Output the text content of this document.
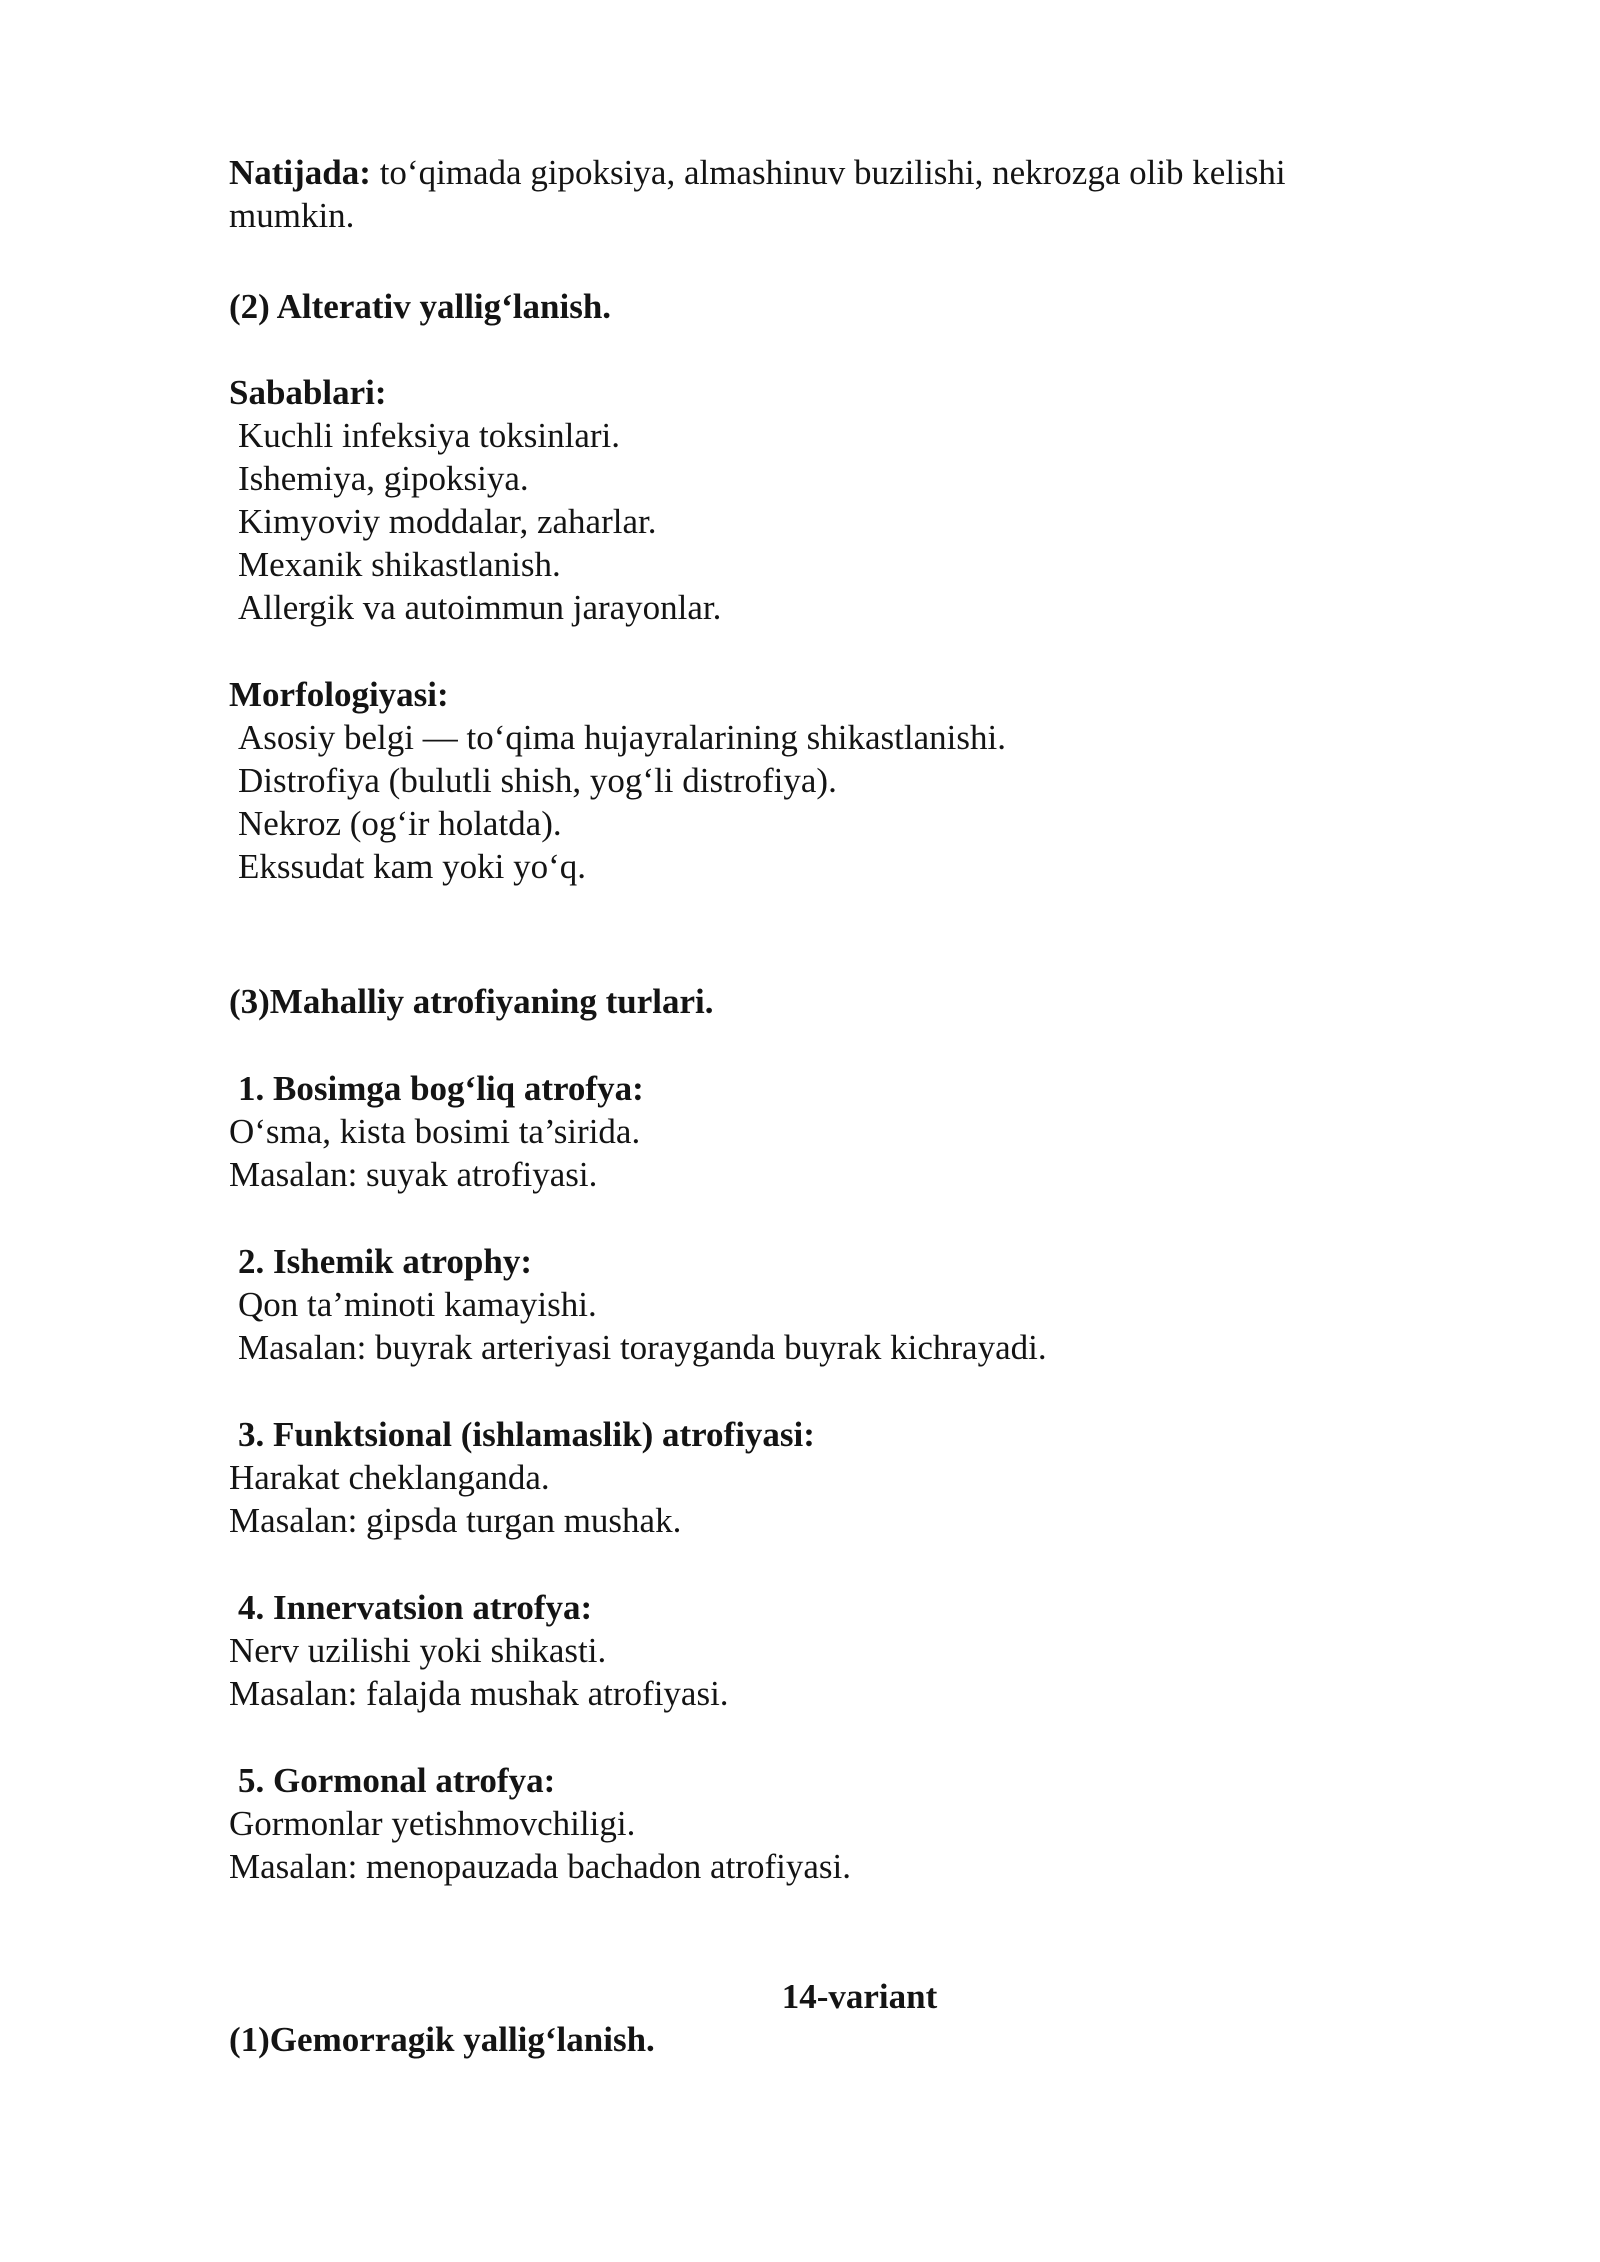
Natijada: to‘qimada gipoksiya, almashinuv buzilishi, nekrozga olib kelishi
mumkin.
(2) Alterativ yallig‘lanish.
Sabablari:
Kuchli infeksiya toksinlari.
Ishemiya, gipoksiya.
Kimyoviy moddalar, zaharlar.
Mexanik shikastlanish.
Allergik va autoimmun jarayonlar.
Morfologiyasi:
Asosiy belgi — to‘qima hujayralarining shikastlanishi.
Distrofiya (bulutli shish, yog‘li distrofiya).
Nekroz (og‘ir holatda).
Ekssudat kam yoki yo‘q.
(3)Mahalliy atrofiyaning turlari.
1. Bosimga bog‘liq atrofya:
O‘sma, kista bosimi ta’sirida.
Masalan: suyak atrofiyasi.
2. Ishemik atrophy:
Qon ta’minoti kamayishi.
Masalan: buyrak arteriyasi torayganda buyrak kichrayadi.
3. Funktsional (ishlamaslik) atrofiyasi:
Harakat cheklanganda.
Masalan: gipsda turgan mushak.
4. Innervatsion atrofya:
Nerv uzilishi yoki shikasti.
Masalan: falajda mushak atrofiyasi.
5. Gormonal atrofya:
Gormonlar yetishmovchiligi.
Masalan: menopauzada bachadon atrofiyasi.
14-variant
(1)Gemorragik yallig‘lanish.
